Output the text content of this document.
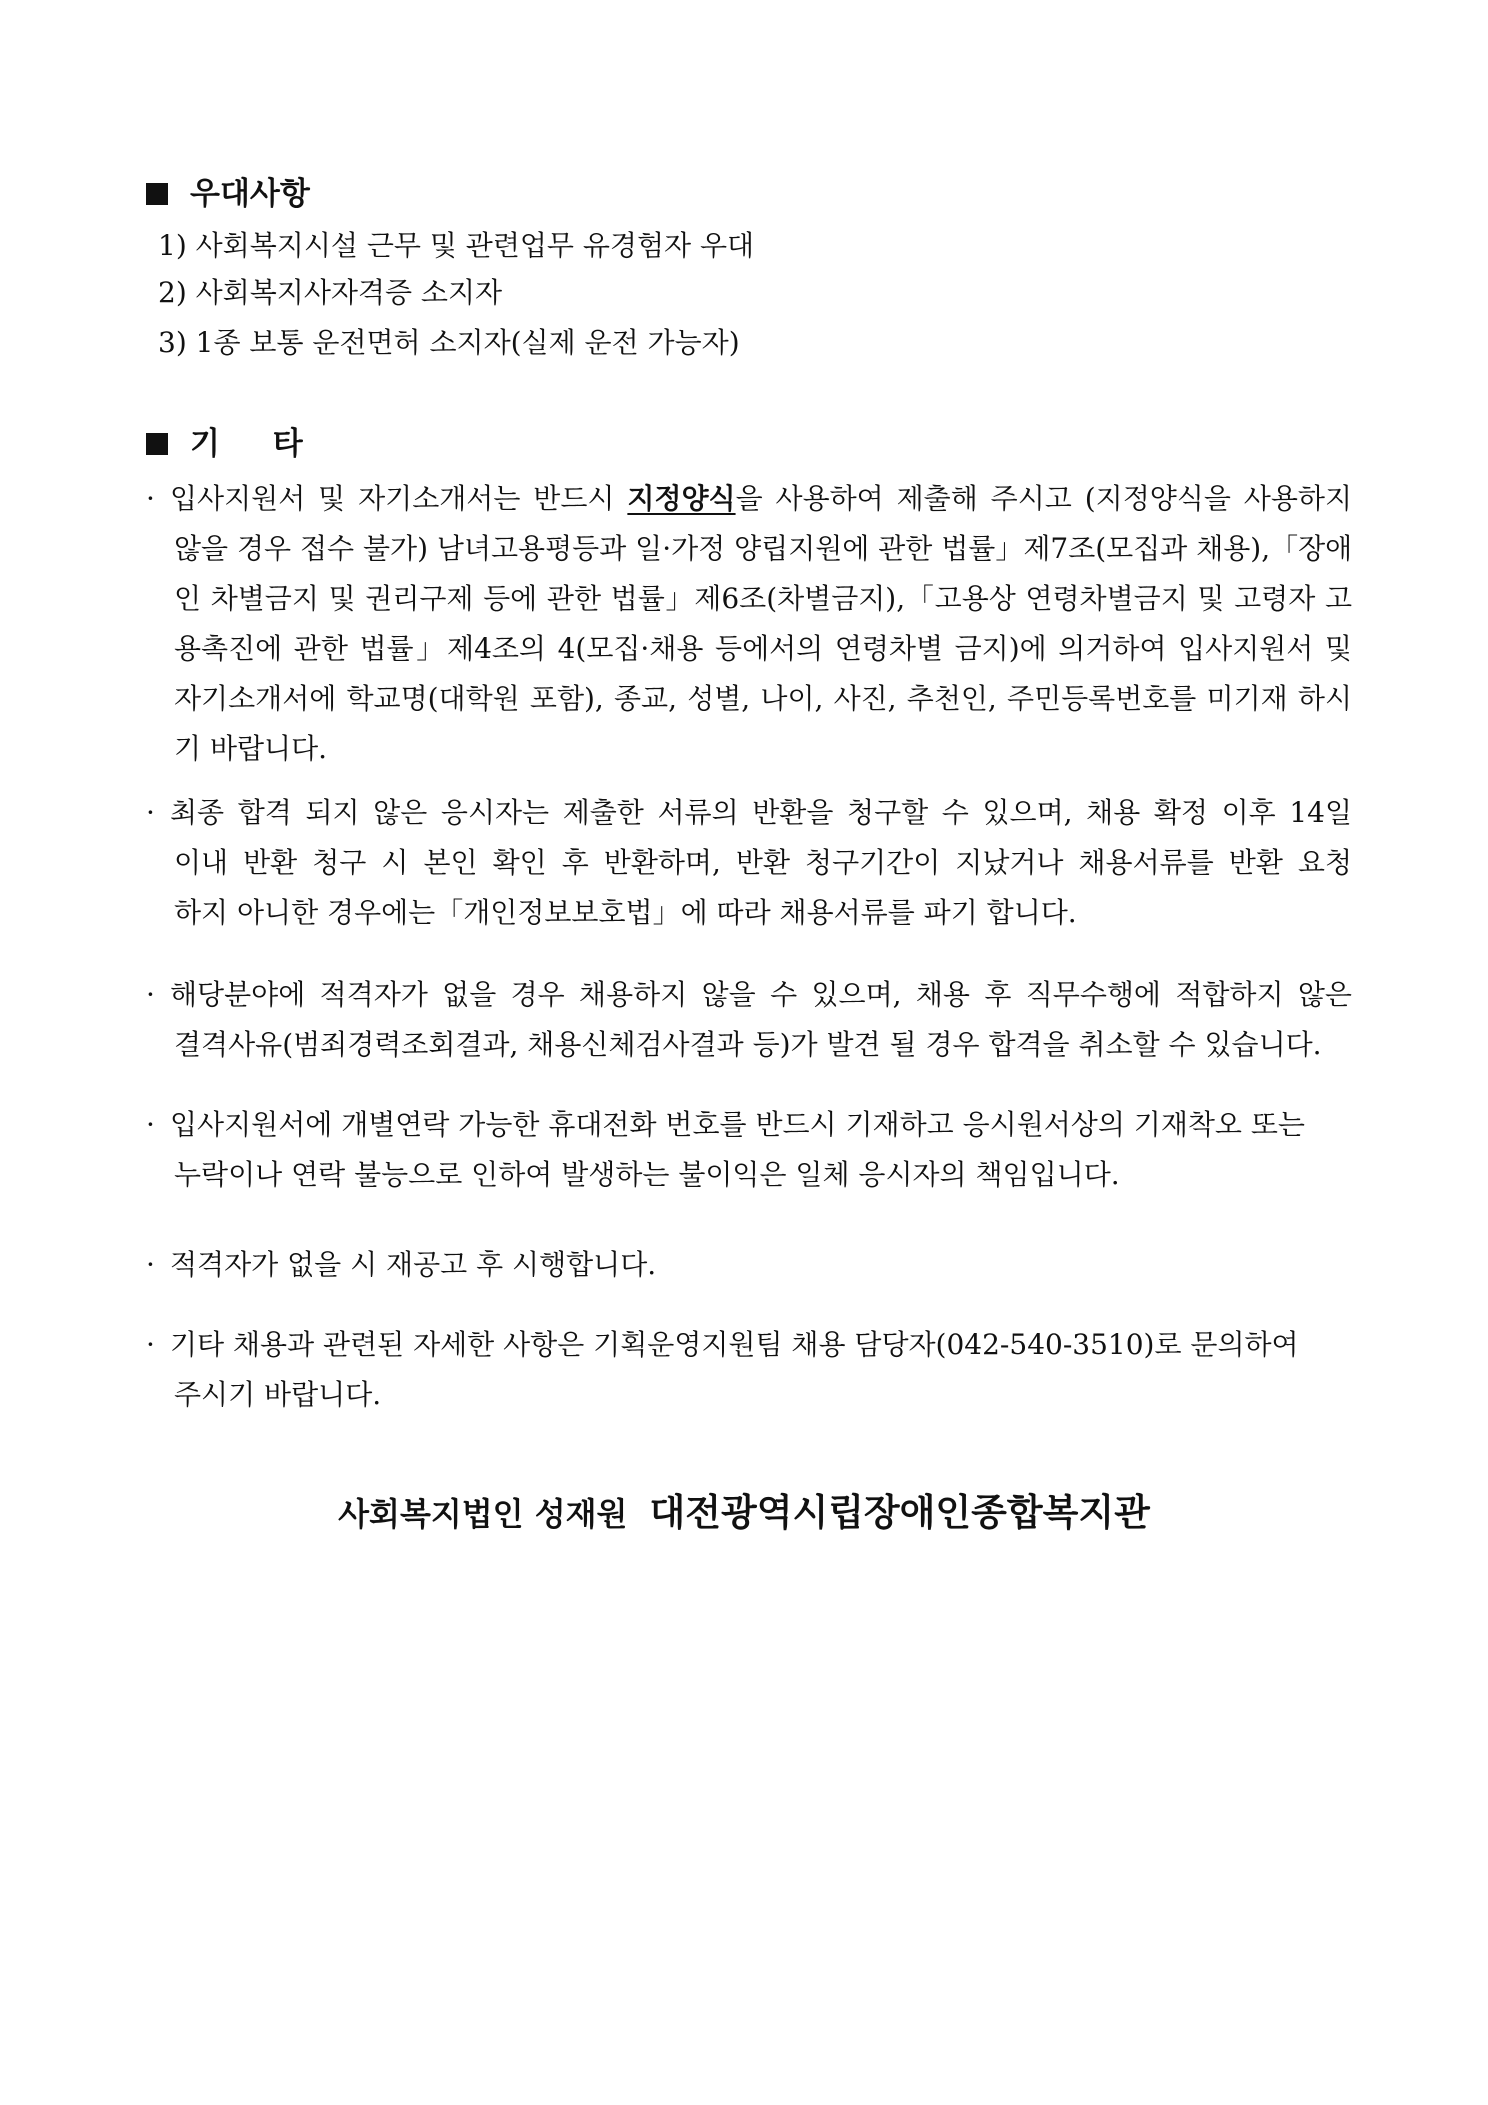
우대사항
1) 사회복지시설 근무 및 관련업무 유경험자 우대
2) 사회복지사자격증 소지자
3) 1종 보통 운전면허 소지자(실제 운전 가능자)
기 타
· 입사지원서 및 자기소개서는 반드시 지정양식을 사용하여 제출해 주시고 (지정양식을 사용하지
않을 경우 접수 불가) 남녀고용평등과 일·가정 양립지원에 관한 법률」제7조(모집과 채용),「장애
인 차별금지 및 권리구제 등에 관한 법률」제6조(차별금지),「고용상 연령차별금지 및 고령자 고
용촉진에 관한 법률」제4조의 4(모집·채용 등에서의 연령차별 금지)에 의거하여 입사지원서 및
자기소개서에 학교명(대학원 포함), 종교, 성별, 나이, 사진, 추천인, 주민등록번호를 미기재 하시
기 바랍니다.
· 최종 합격 되지 않은 응시자는 제출한 서류의 반환을 청구할 수 있으며, 채용 확정 이후 14일
이내 반환 청구 시 본인 확인 후 반환하며, 반환 청구기간이 지났거나 채용서류를 반환 요청
하지 아니한 경우에는「개인정보보호법」에 따라 채용서류를 파기 합니다.
· 해당분야에 적격자가 없을 경우 채용하지 않을 수 있으며, 채용 후 직무수행에 적합하지 않은
결격사유(범죄경력조회결과, 채용신체검사결과 등)가 발견 될 경우 합격을 취소할 수 있습니다.
· 입사지원서에 개별연락 가능한 휴대전화 번호를 반드시 기재하고 응시원서상의 기재착오 또는
누락이나 연락 불능으로 인하여 발생하는 불이익은 일체 응시자의 책임입니다.
· 적격자가 없을 시 재공고 후 시행합니다.
· 기타 채용과 관련된 자세한 사항은 기획운영지원팀 채용 담당자(042-540-3510)로 문의하여
주시기 바랍니다.
사회복지법인 성재원 대전광역시립장애인종합복지관
